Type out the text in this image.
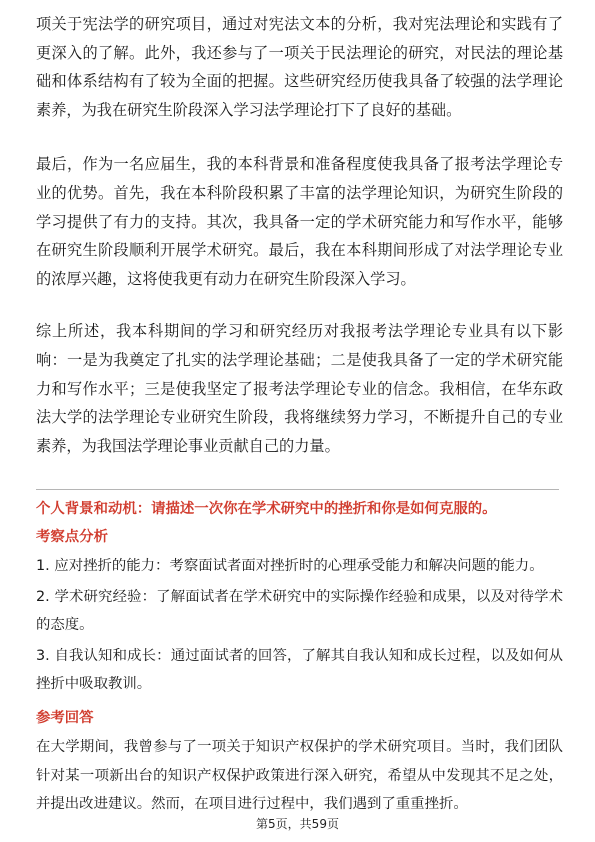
项关于宪法学的研究项目，通过对宪法文本的分析，我对宪法理论和实践有了更深入的了解。此外，我还参与了一项关于民法理论的研究，对民法的理论基础和体系结构有了较为全面的把握。这些研究经历使我具备了较强的法学理论素养，为我在研究生阶段深入学习法学理论打下了良好的基础。

最后，作为一名应届生，我的本科背景和准备程度使我具备了报考法学理论专业的优势。首先，我在本科阶段积累了丰富的法学理论知识，为研究生阶段的学习提供了有力的支持。其次，我具备一定的学术研究能力和写作水平，能够在研究生阶段顺利开展学术研究。最后，我在本科期间形成了对法学理论专业的浓厚兴趣，这将使我更有动力在研究生阶段深入学习。

综上所述，我本科期间的学习和研究经历对我报考法学理论专业具有以下影响：一是为我奠定了扎实的法学理论基础；二是使我具备了一定的学术研究能力和写作水平；三是使我坚定了报考法学理论专业的信念。我相信，在华东政法大学的法学理论专业研究生阶段，我将继续努力学习，不断提升自己的专业素养，为我国法学理论事业贡献自己的力量。

个人背景和动机：请描述一次你在学术研究中的挫折和你是如何克服的。

考察点分析

1. 应对挫折的能力：考察面试者面对挫折时的心理承受能力和解决问题的能力。

2. 学术研究经验：了解面试者在学术研究中的实际操作经验和成果，以及对待学术的态度。

3. 自我认知和成长：通过面试者的回答，了解其自我认知和成长过程，以及如何从挫折中吸取教训。

参考回答

在大学期间，我曾参与了一项关于知识产权保护的学术研究项目。当时，我们团队针对某一项新出台的知识产权保护政策进行深入研究，希望从中发现其不足之处，并提出改进建议。然而，在项目进行过程中，我们遇到了重重挫折。

第5页，共59页
